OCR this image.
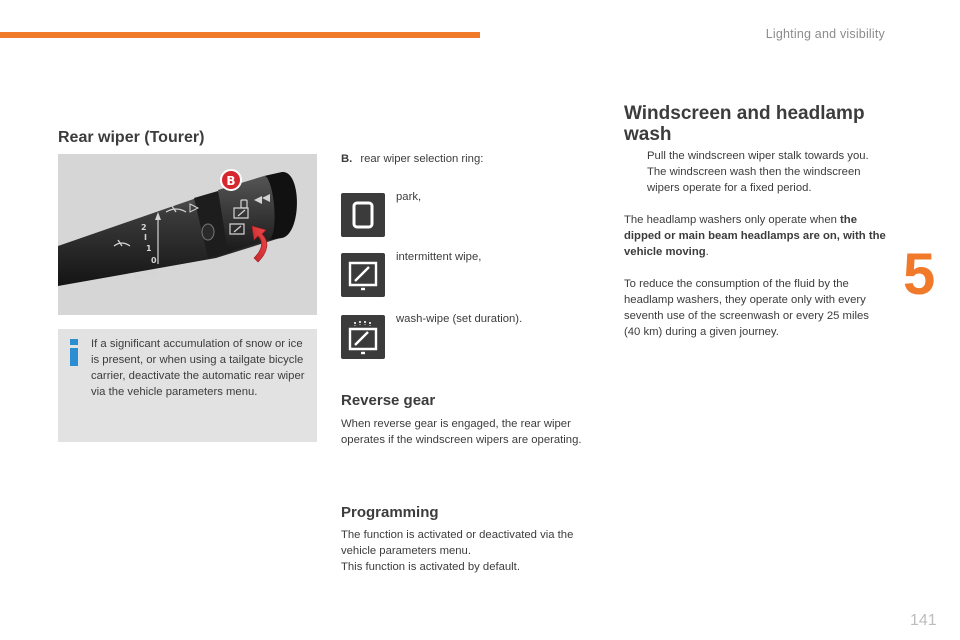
Lighting and visibility
5
141
Rear wiper (Tourer)
AUTO
0
1
I
2
B
If a significant accumulation of snow or ice is present, or when using a tailgate bicycle carrier, deactivate the automatic rear wiper via the vehicle parameters menu.
B. rear wiper selection ring:
park,
intermittent wipe,
wash-wipe (set duration).
Reverse gear

When reverse gear is engaged, the rear wiper operates if the windscreen wipers are operating.

Programming

The function is activated or deactivated via the vehicle parameters menu.
This function is activated by default.

Windscreen and headlamp wash
Pull the windscreen wiper stalk towards you. The windscreen wash then the windscreen wipers operate for a fixed period.

The headlamp washers only operate when the dipped or main beam headlamps are on, with the vehicle moving.

To reduce the consumption of the fluid by the headlamp washers, they operate only with every seventh use of the screenwash or every 25 miles (40 km) during a given journey.
